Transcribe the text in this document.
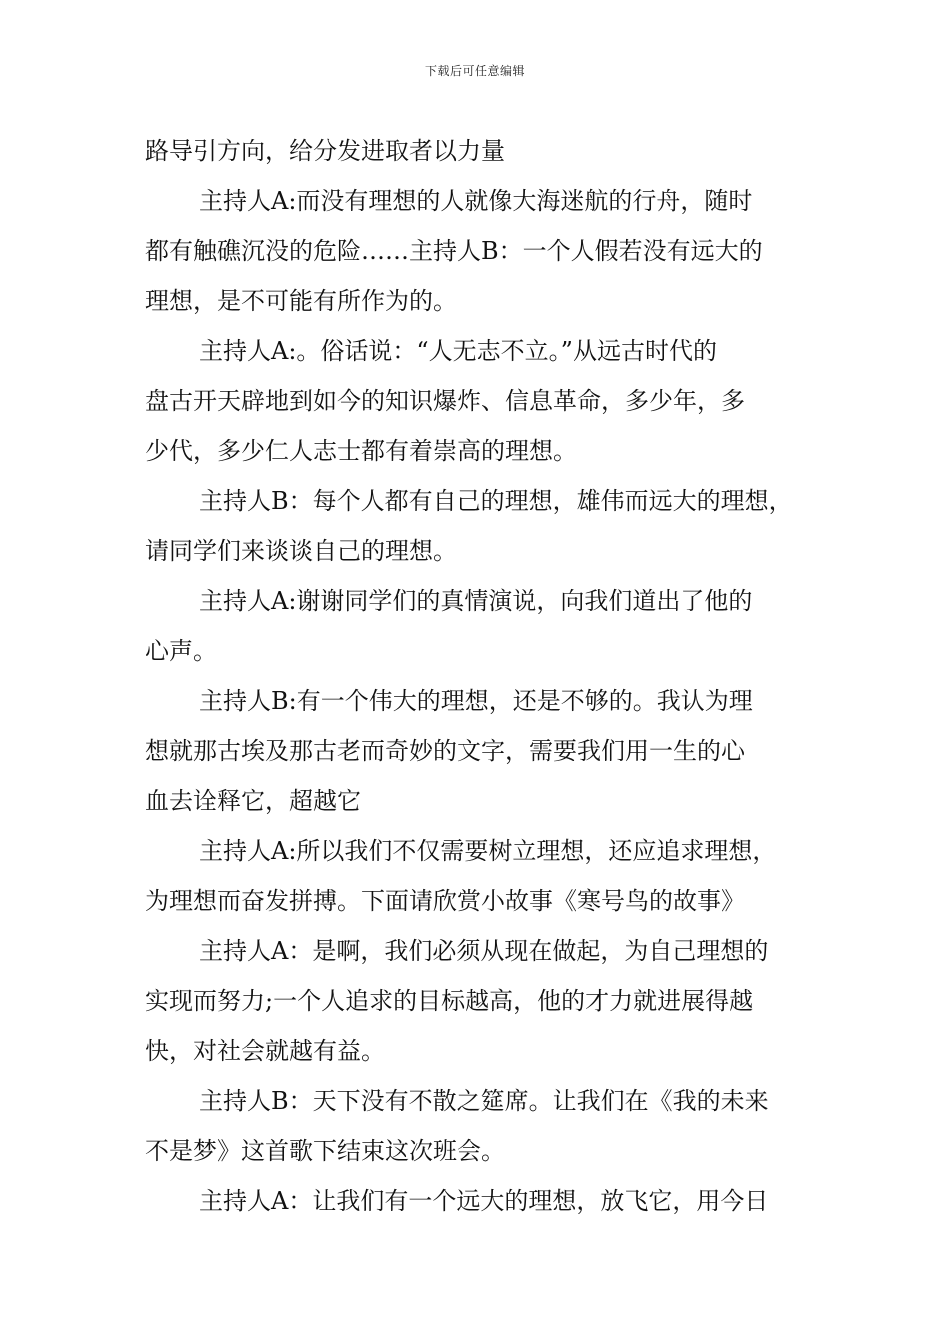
下载后可任意编辑
路导引方向，给分发进取者以力量
主持人A:而没有理想的人就像大海迷航的行舟，随时
都有触礁沉没的危险……主持人B：一个人假若没有远大的
理想，是不可能有所作为的。
主持人A:。俗话说：“人无志不立。”从远古时代的
盘古开天辟地到如今的知识爆炸、信息革命，多少年，多
少代，多少仁人志士都有着崇高的理想。
主持人B：每个人都有自己的理想，雄伟而远大的理想，
请同学们来谈谈自己的理想。
主持人A:谢谢同学们的真情演说，向我们道出了他的
心声。
主持人B:有一个伟大的理想，还是不够的。我认为理
想就那古埃及那古老而奇妙的文字，需要我们用一生的心
血去诠释它，超越它
主持人A:所以我们不仅需要树立理想，还应追求理想，
为理想而奋发拼搏。下面请欣赏小故事《寒号鸟的故事》
主持人A：是啊，我们必须从现在做起，为自己理想的
实现而努力;一个人追求的目标越高，他的才力就进展得越
快，对社会就越有益。
主持人B：天下没有不散之筵席。让我们在《我的未来
不是梦》这首歌下结束这次班会。
主持人A：让我们有一个远大的理想，放飞它，用今日
